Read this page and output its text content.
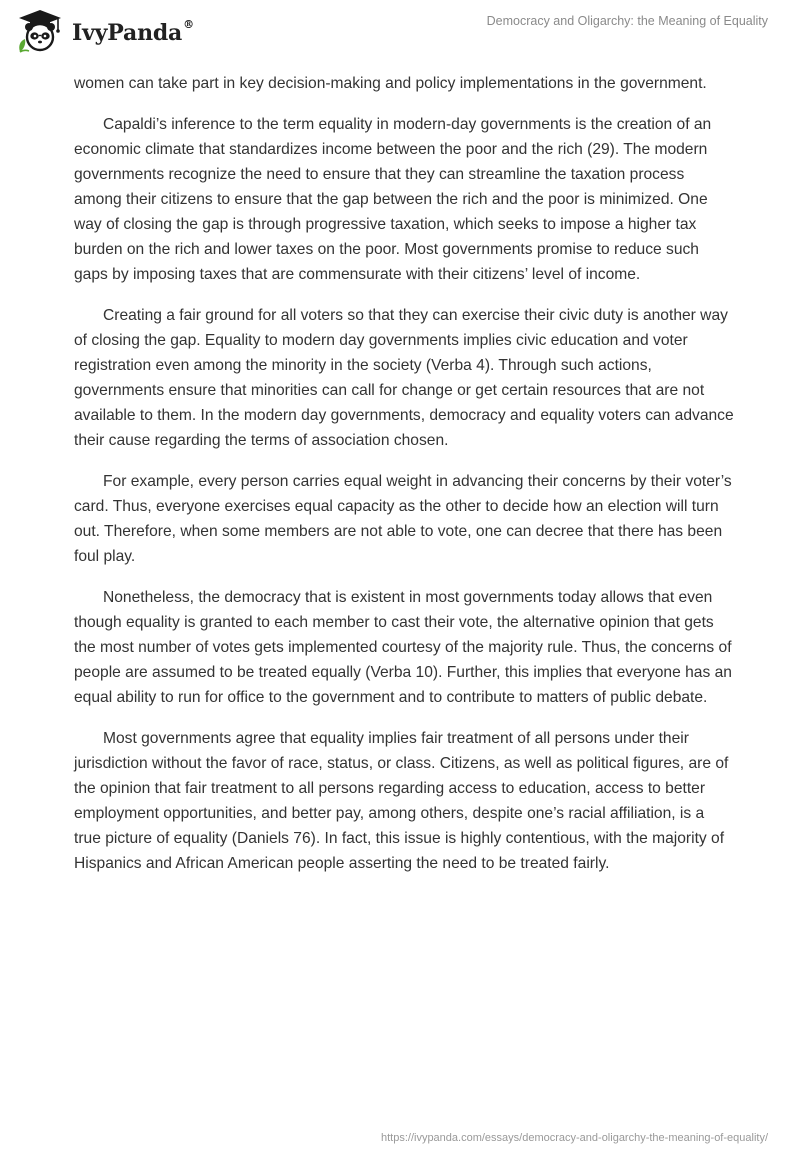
IvyPanda®	Democracy and Oligarchy: the Meaning of Equality

women can take part in key decision-making and policy implementations in the government.

Capaldi’s inference to the term equality in modern-day governments is the creation of an economic climate that standardizes income between the poor and the rich (29). The modern governments recognize the need to ensure that they can streamline the taxation process among their citizens to ensure that the gap between the rich and the poor is minimized. One way of closing the gap is through progressive taxation, which seeks to impose a higher tax burden on the rich and lower taxes on the poor. Most governments promise to reduce such gaps by imposing taxes that are commensurate with their citizens’ level of income.

Creating a fair ground for all voters so that they can exercise their civic duty is another way of closing the gap. Equality to modern day governments implies civic education and voter registration even among the minority in the society (Verba 4). Through such actions, governments ensure that minorities can call for change or get certain resources that are not available to them. In the modern day governments, democracy and equality voters can advance their cause regarding the terms of association chosen.

For example, every person carries equal weight in advancing their concerns by their voter’s card. Thus, everyone exercises equal capacity as the other to decide how an election will turn out. Therefore, when some members are not able to vote, one can decree that there has been foul play.

Nonetheless, the democracy that is existent in most governments today allows that even though equality is granted to each member to cast their vote, the alternative opinion that gets the most number of votes gets implemented courtesy of the majority rule. Thus, the concerns of people are assumed to be treated equally (Verba 10). Further, this implies that everyone has an equal ability to run for office to the government and to contribute to matters of public debate.

Most governments agree that equality implies fair treatment of all persons under their jurisdiction without the favor of race, status, or class. Citizens, as well as political figures, are of the opinion that fair treatment to all persons regarding access to education, access to better employment opportunities, and better pay, among others, despite one’s racial affiliation, is a true picture of equality (Daniels 76). In fact, this issue is highly contentious, with the majority of Hispanics and African American people asserting the need to be treated fairly.

https://ivypanda.com/essays/democracy-and-oligarchy-the-meaning-of-equality/
